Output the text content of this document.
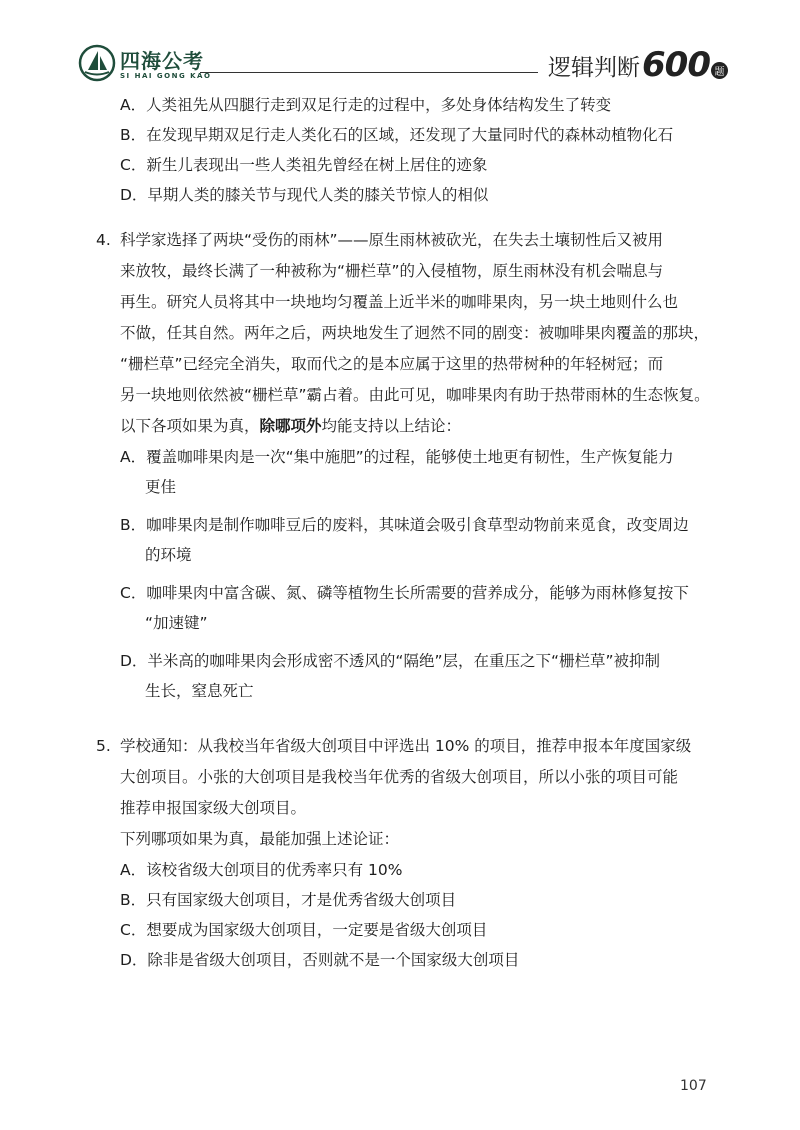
四海公考
SI HAI GONG KAO	逻辑判断 600 题
A．人类祖先从四腿行走到双足行走的过程中，多处身体结构发生了转变
B．在发现早期双足行走人类化石的区域，还发现了大量同时代的森林动植物化石
C．新生儿表现出一些人类祖先曾经在树上居住的迹象
D．早期人类的膝关节与现代人类的膝关节惊人的相似
4. 科学家选择了两块“受伤的雨林”——原生雨林被砍光，在失去土壤韧性后又被用
来放牧，最终长满了一种被称为“栅栏草”的入侵植物，原生雨林没有机会喘息与
再生。研究人员将其中一块地均匀覆盖上近半米的咖啡果肉，另一块土地则什么也
不做，任其自然。两年之后，两块地发生了迥然不同的剧变：被咖啡果肉覆盖的那块，
“栅栏草”已经完全消失，取而代之的是本应属于这里的热带树种的年轻树冠；而
另一块地则依然被“栅栏草”霸占着。由此可见，咖啡果肉有助于热带雨林的生态恢复。
以下各项如果为真，除哪项外均能支持以上结论：
A．覆盖咖啡果肉是一次“集中施肥”的过程，能够使土地更有韧性，生产恢复能力
更佳
B．咖啡果肉是制作咖啡豆后的废料，其味道会吸引食草型动物前来觅食，改变周边
的环境
C．咖啡果肉中富含碳、氮、磷等植物生长所需要的营养成分，能够为雨林修复按下
“加速键”
D．半米高的咖啡果肉会形成密不透风的“隔绝”层，在重压之下“栅栏草”被抑制
生长，窒息死亡
5. 学校通知：从我校当年省级大创项目中评选出 10% 的项目，推荐申报本年度国家级
大创项目。小张的大创项目是我校当年优秀的省级大创项目，所以小张的项目可能
推荐申报国家级大创项目。
下列哪项如果为真，最能加强上述论证：
A．该校省级大创项目的优秀率只有 10%
B．只有国家级大创项目，才是优秀省级大创项目
C．想要成为国家级大创项目，一定要是省级大创项目
D．除非是省级大创项目，否则就不是一个国家级大创项目
107
